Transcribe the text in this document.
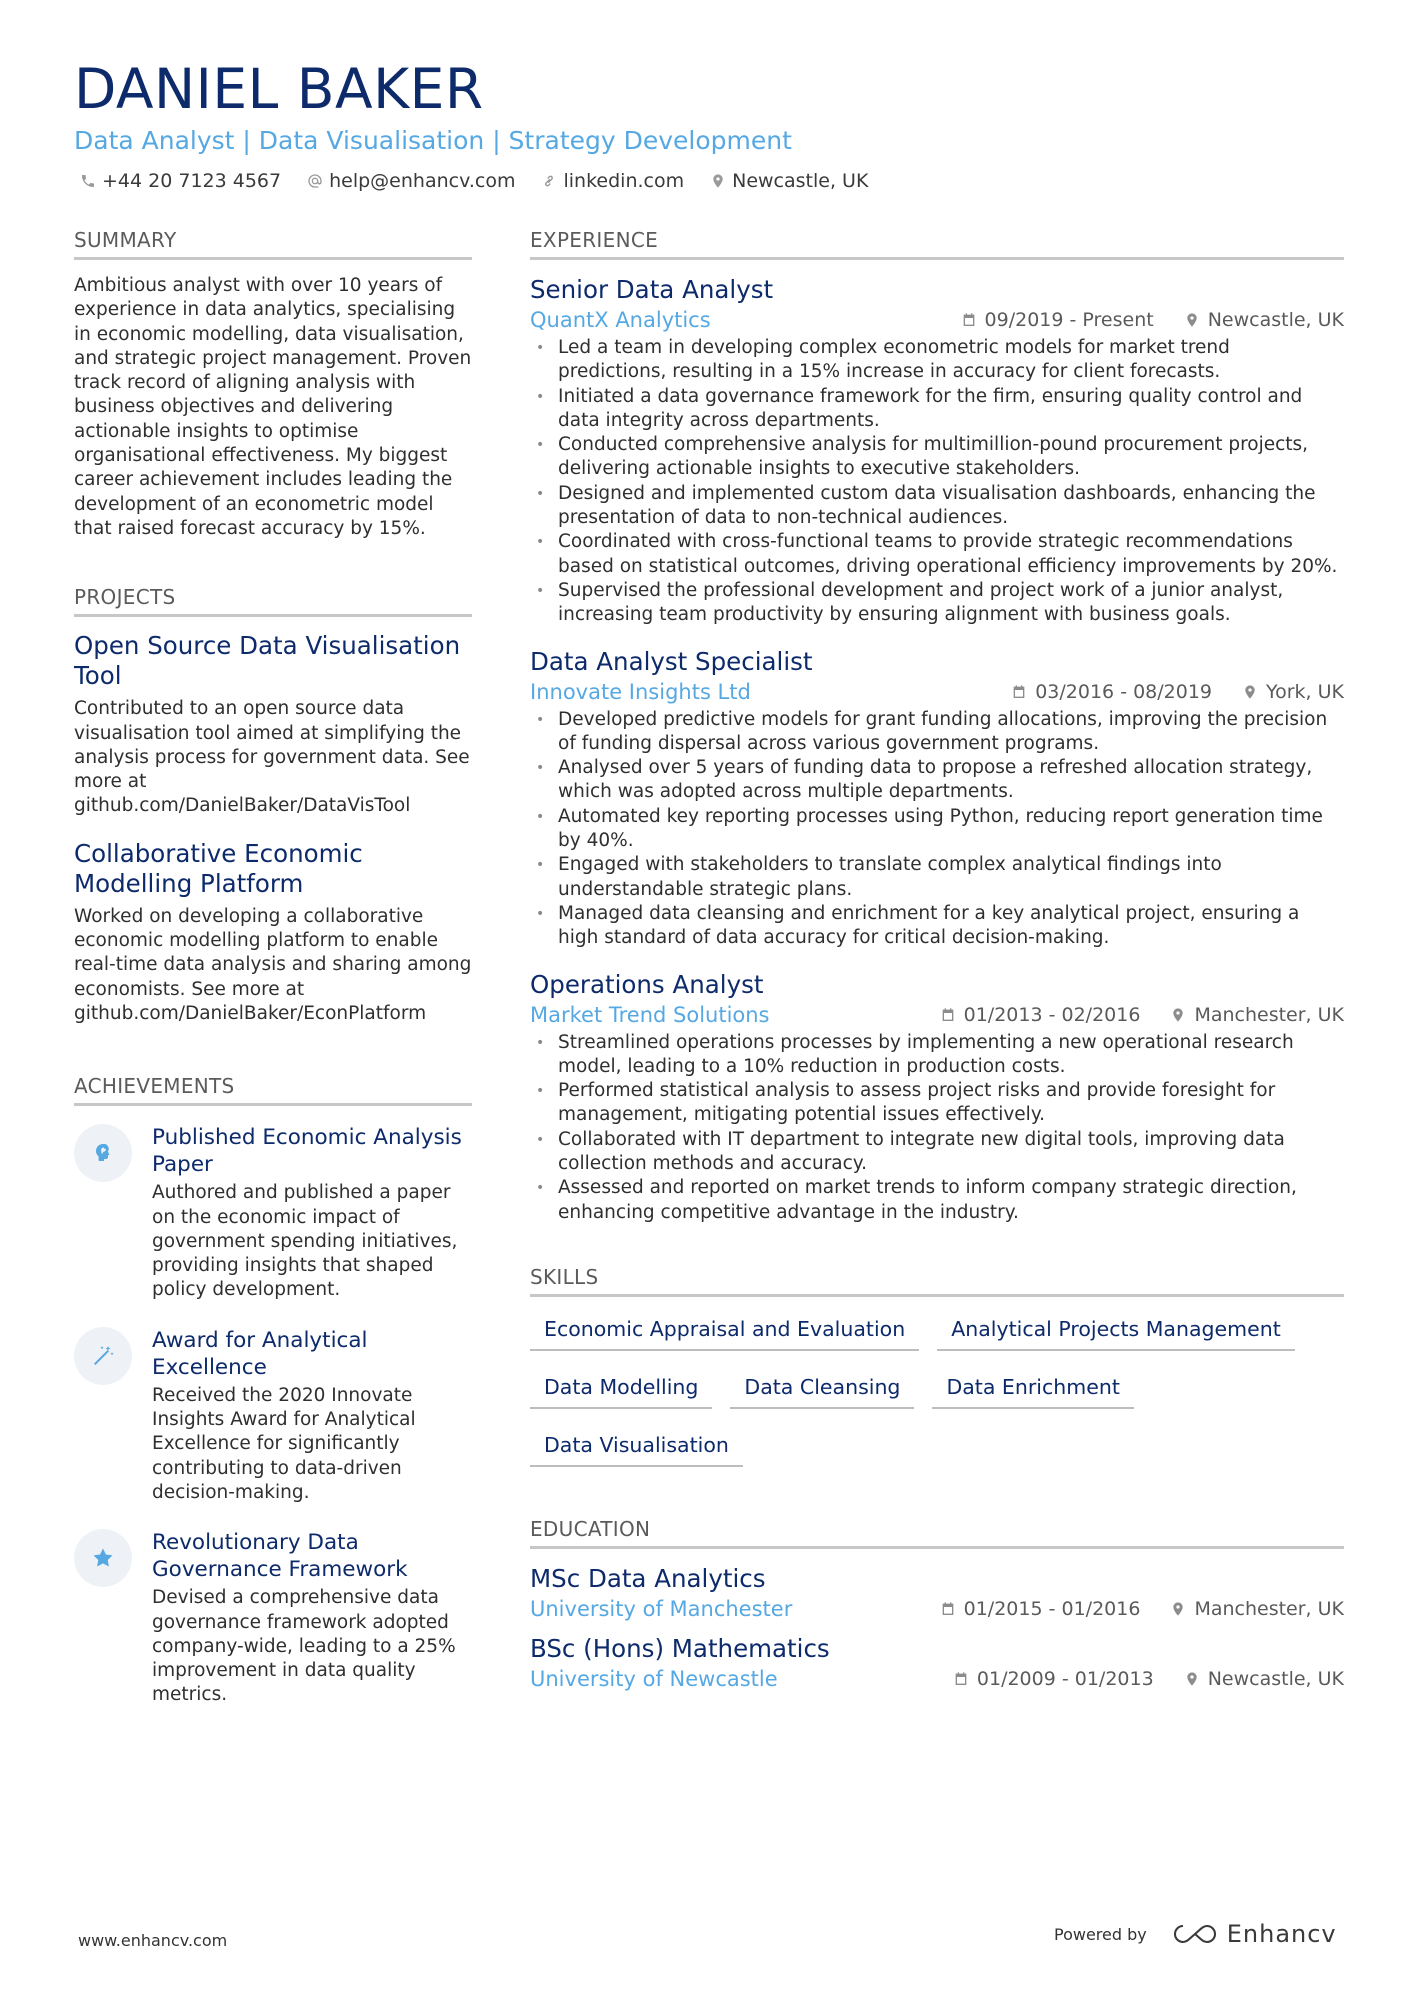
DANIEL BAKER
Data Analyst | Data Visualisation | Strategy Development
+44 20 7123 4567	help@enhancv.com	linkedin.com	Newcastle, UK
SUMMARY
Ambitious analyst with over 10 years of experience in data analytics, specialising in economic modelling, data visualisation, and strategic project management. Proven track record of aligning analysis with business objectives and delivering actionable insights to optimise organisational effectiveness. My biggest career achievement includes leading the development of an econometric model that raised forecast accuracy by 15%.
PROJECTS
Open Source Data Visualisation Tool
Contributed to an open source data visualisation tool aimed at simplifying the analysis process for government data. See more at github.com/DanielBaker/DataVisTool
Collaborative Economic Modelling Platform
Worked on developing a collaborative economic modelling platform to enable real-time data analysis and sharing among economists. See more at github.com/DanielBaker/EconPlatform
ACHIEVEMENTS
Published Economic Analysis Paper
Authored and published a paper on the economic impact of government spending initiatives, providing insights that shaped policy development.
Award for Analytical Excellence
Received the 2020 Innovate Insights Award for Analytical Excellence for significantly contributing to data-driven decision-making.
Revolutionary Data Governance Framework
Devised a comprehensive data governance framework adopted company-wide, leading to a 25% improvement in data quality metrics.
EXPERIENCE
Senior Data Analyst
QuantX Analytics	09/2019 - Present	Newcastle, UK
• Led a team in developing complex econometric models for market trend predictions, resulting in a 15% increase in accuracy for client forecasts.
• Initiated a data governance framework for the firm, ensuring quality control and data integrity across departments.
• Conducted comprehensive analysis for multimillion-pound procurement projects, delivering actionable insights to executive stakeholders.
• Designed and implemented custom data visualisation dashboards, enhancing the presentation of data to non-technical audiences.
• Coordinated with cross-functional teams to provide strategic recommendations based on statistical outcomes, driving operational efficiency improvements by 20%.
• Supervised the professional development and project work of a junior analyst, increasing team productivity by ensuring alignment with business goals.
Data Analyst Specialist
Innovate Insights Ltd	03/2016 - 08/2019	York, UK
• Developed predictive models for grant funding allocations, improving the precision of funding dispersal across various government programs.
• Analysed over 5 years of funding data to propose a refreshed allocation strategy, which was adopted across multiple departments.
• Automated key reporting processes using Python, reducing report generation time by 40%.
• Engaged with stakeholders to translate complex analytical findings into understandable strategic plans.
• Managed data cleansing and enrichment for a key analytical project, ensuring a high standard of data accuracy for critical decision-making.
Operations Analyst
Market Trend Solutions	01/2013 - 02/2016	Manchester, UK
• Streamlined operations processes by implementing a new operational research model, leading to a 10% reduction in production costs.
• Performed statistical analysis to assess project risks and provide foresight for management, mitigating potential issues effectively.
• Collaborated with IT department to integrate new digital tools, improving data collection methods and accuracy.
• Assessed and reported on market trends to inform company strategic direction, enhancing competitive advantage in the industry.
SKILLS
Economic Appraisal and Evaluation	Analytical Projects Management
Data Modelling	Data Cleansing	Data Enrichment
Data Visualisation
EDUCATION
MSc Data Analytics
University of Manchester	01/2015 - 01/2016	Manchester, UK
BSc (Hons) Mathematics
University of Newcastle	01/2009 - 01/2013	Newcastle, UK
www.enhancv.com	Powered by	Enhancv
